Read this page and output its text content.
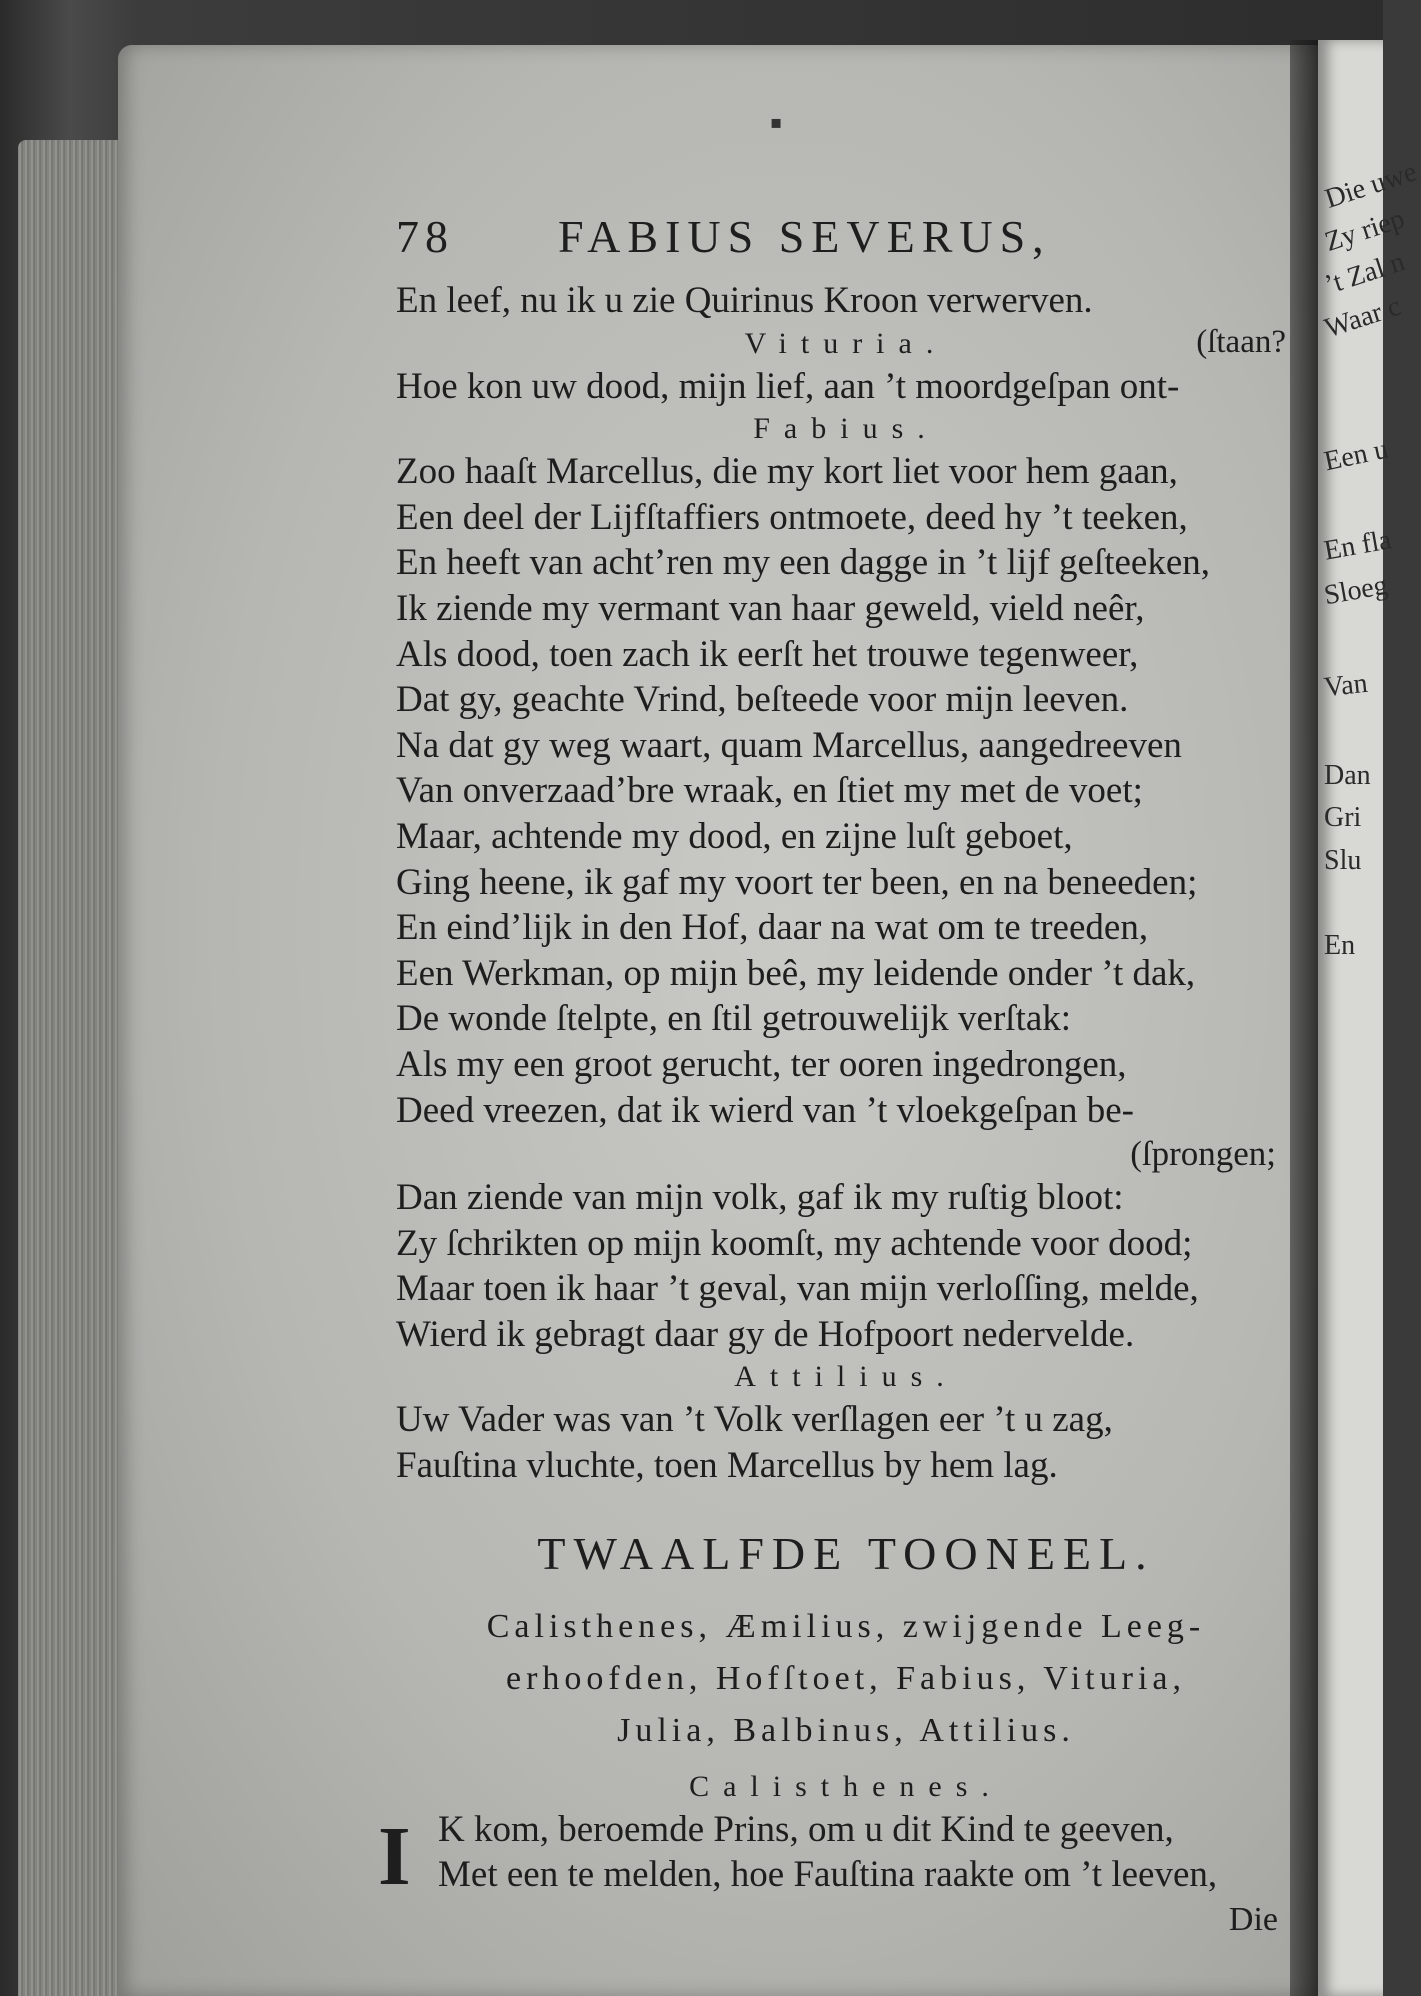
Die uwe
Zy riep
’t Zal n
Waar c
Een u
En fla
Sloeg
Van
Dan
Gri
Slu
En
▪
78 FABIUS SEVERUS,
En leef, nu ik u zie Quirinus Kroon verwerven.
Vituria.	(ſtaan?
Hoe kon uw dood, mijn lief, aan ’t moordgeſpan ont-
Fabius.
Zoo haaſt Marcellus, die my kort liet voor hem gaan,
Een deel der Lijfſtaffiers ontmoete, deed hy ’t teeken,
En heeft van acht’ren my een dagge in ’t lijf geſteeken,
Ik ziende my vermant van haar geweld, vield neêr,
Als dood, toen zach ik eerſt het trouwe tegenweer,
Dat gy, geachte Vrind, beſteede voor mijn leeven.
Na dat gy weg waart, quam Marcellus, aangedreeven
Van onverzaad’bre wraak, en ſtiet my met de voet;
Maar, achtende my dood, en zijne luſt geboet,
Ging heene, ik gaf my voort ter been, en na beneeden;
En eind’lijk in den Hof, daar na wat om te treeden,
Een Werkman, op mijn beê, my leidende onder ’t dak,
De wonde ſtelpte, en ſtil getrouwelijk verſtak:
Als my een groot gerucht, ter ooren ingedrongen,
Deed vreezen, dat ik wierd van ’t vloekgeſpan be-
(ſprongen;
Dan ziende van mijn volk, gaf ik my ruſtig bloot:
Zy ſchrikten op mijn koomſt, my achtende voor dood;
Maar toen ik haar ’t geval, van mijn verloſſing, melde,
Wierd ik gebragt daar gy de Hofpoort nedervelde.
Attilius.
Uw Vader was van ’t Volk verſlagen eer ’t u zag,
Fauſtina vluchte, toen Marcellus by hem lag.
TWAALFDE TOONEEL.
Calisthenes, Æmilius, zwijgende Leeg-
erhoofden, Hofſtoet, Fabius, Vituria,
Julia, Balbinus, Attilius.
Calisthenes.
I K kom, beroemde Prins, om u dit Kind te geeven,
Met een te melden, hoe Fauſtina raakte om ’t leeven,
Die
